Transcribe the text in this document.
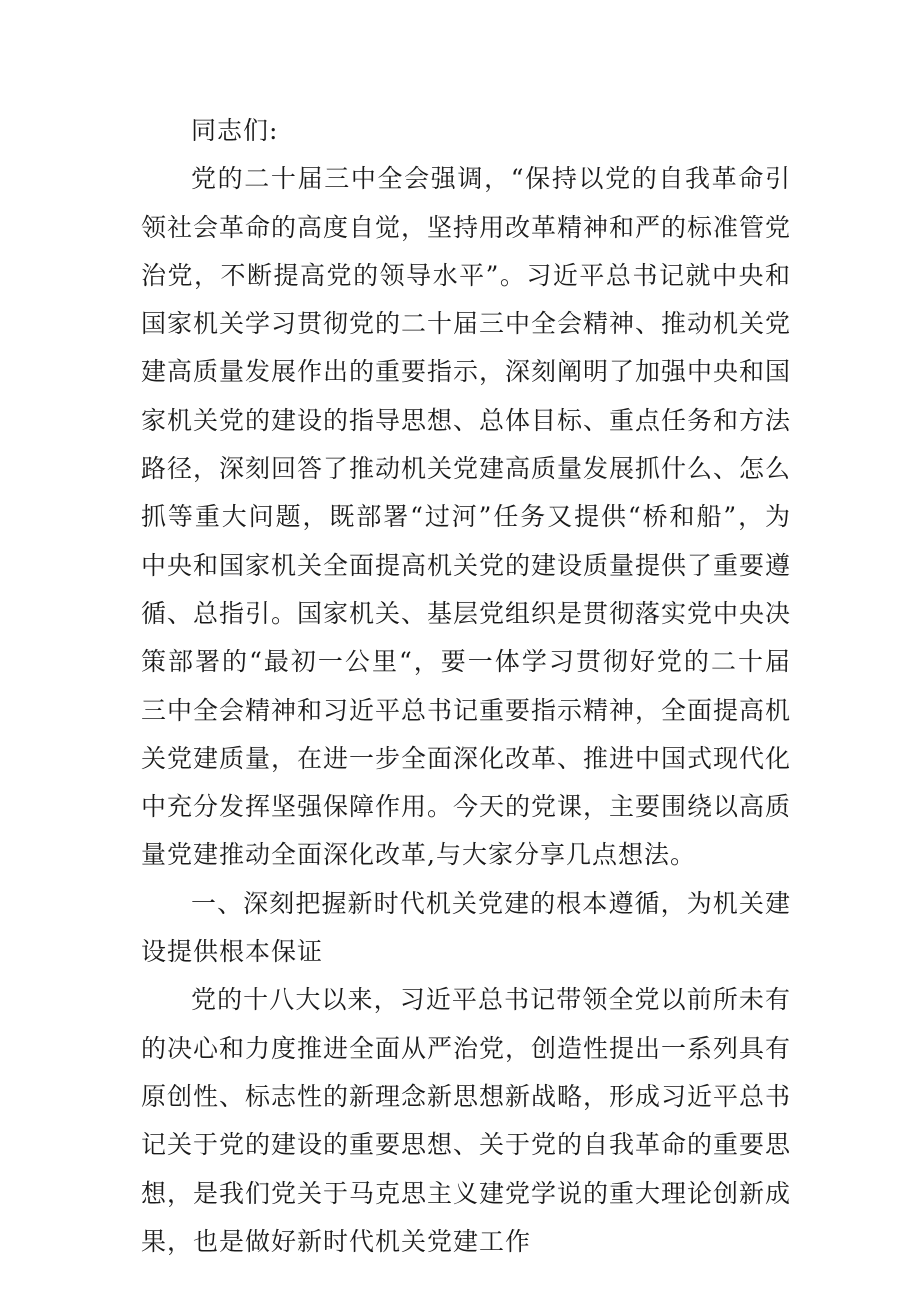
同志们:

党的二十届三中全会强调，“保持以党的自我革命引领社会革命的高度自觉，坚持用改革精神和严的标准管党治党，不断提高党的领导水平”。习近平总书记就中央和国家机关学习贯彻党的二十届三中全会精神、推动机关党建高质量发展作出的重要指示，深刻阐明了加强中央和国家机关党的建设的指导思想、总体目标、重点任务和方法路径，深刻回答了推动机关党建高质量发展抓什么、怎么抓等重大问题，既部署“过河”任务又提供“桥和船”，为中央和国家机关全面提高机关党的建设质量提供了重要遵循、总指引。国家机关、基层党组织是贯彻落实党中央决策部署的“最初一公里“，要一体学习贯彻好党的二十届三中全会精神和习近平总书记重要指示精神，全面提高机关党建质量，在进一步全面深化改革、推进中国式现代化中充分发挥坚强保障作用。今天的党课，主要围绕以高质量党建推动全面深化改革,与大家分享几点想法。

一、深刻把握新时代机关党建的根本遵循，为机关建设提供根本保证

党的十八大以来，习近平总书记带领全党以前所未有的决心和力度推进全面从严治党，创造性提出一系列具有原创性、标志性的新理念新思想新战略，形成习近平总书记关于党的建设的重要思想、关于党的自我革命的重要思想，是我们党关于马克思主义建党学说的重大理论创新成果，也是做好新时代机关党建工作
